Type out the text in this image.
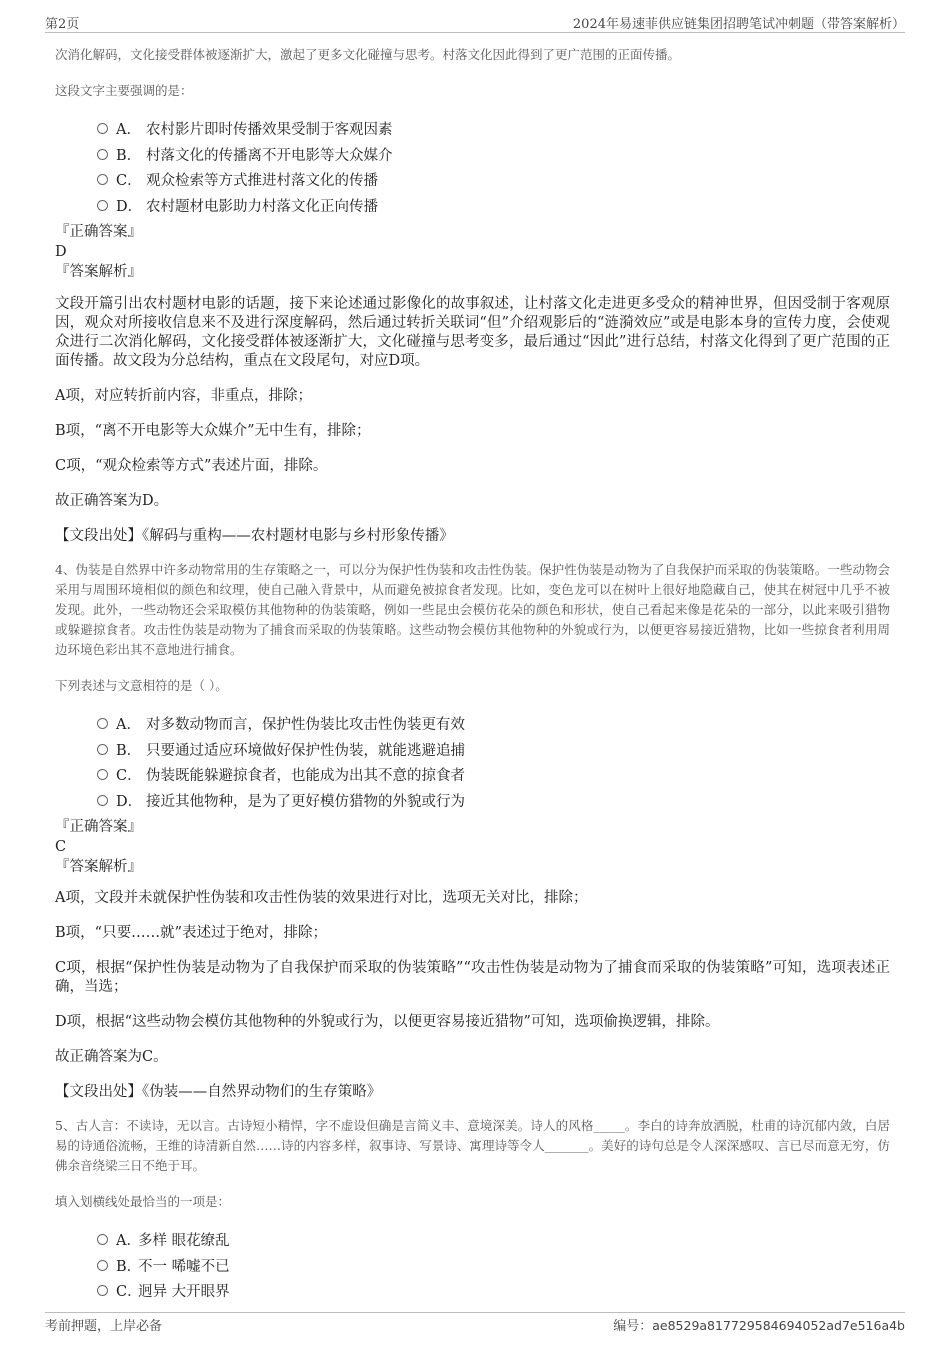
第2页	2024年易速菲供应链集团招聘笔试冲刺题（带答案解析）

次消化解码，文化接受群体被逐渐扩大，激起了更多文化碰撞与思考。村落文化因此得到了更广范围的正面传播。

这段文字主要强调的是：

A． 农村影片即时传播效果受制于客观因素
B． 村落文化的传播离不开电影等大众媒介
C． 观众检索等方式推进村落文化的传播
D． 农村题材电影助力村落文化正向传播

『正确答案』

D

『答案解析』

文段开篇引出农村题材电影的话题，接下来论述通过影像化的故事叙述，让村落文化走进更多受众的精神世界，但因受制于客观原因，观众对所接收信息来不及进行深度解码，然后通过转折关联词“但”介绍观影后的“涟漪效应”或是电影本身的宣传力度，会使观众进行二次消化解码，文化接受群体被逐渐扩大，文化碰撞与思考变多，最后通过“因此”进行总结，村落文化得到了更广范围的正面传播。故文段为分总结构，重点在文段尾句，对应D项。

A项，对应转折前内容，非重点，排除；

B项，“离不开电影等大众媒介”无中生有，排除；

C项，“观众检索等方式”表述片面，排除。

故正确答案为D。

【文段出处】《解码与重构——农村题材电影与乡村形象传播》

4、伪装是自然界中许多动物常用的生存策略之一，可以分为保护性伪装和攻击性伪装。保护性伪装是动物为了自我保护而采取的伪装策略。一些动物会采用与周围环境相似的颜色和纹理，使自己融入背景中，从而避免被掠食者发现。比如，变色龙可以在树叶上很好地隐藏自己，使其在树冠中几乎不被发现。此外，一些动物还会采取模仿其他物种的伪装策略，例如一些昆虫会模仿花朵的颜色和形状，使自己看起来像是花朵的一部分，以此来吸引猎物或躲避掠食者。攻击性伪装是动物为了捕食而采取的伪装策略。这些动物会模仿其他物种的外貌或行为，以便更容易接近猎物，比如一些掠食者利用周边环境色彩出其不意地进行捕食。

下列表述与文意相符的是（ ）。

A． 对多数动物而言，保护性伪装比攻击性伪装更有效
B． 只要通过适应环境做好保护性伪装，就能逃避追捕
C． 伪装既能躲避掠食者，也能成为出其不意的掠食者
D． 接近其他物种，是为了更好模仿猎物的外貌或行为

『正确答案』

C

『答案解析』

A项，文段并未就保护性伪装和攻击性伪装的效果进行对比，选项无关对比，排除；

B项，“只要……就”表述过于绝对，排除；

C项，根据“保护性伪装是动物为了自我保护而采取的伪装策略”“攻击性伪装是动物为了捕食而采取的伪装策略”可知，选项表述正确，当选；

D项，根据“这些动物会模仿其他物种的外貌或行为，以便更容易接近猎物”可知，选项偷换逻辑，排除。

故正确答案为C。

【文段出处】《伪装——自然界动物们的生存策略》

5、古人言：不读诗，无以言。古诗短小精悍，字不虚设但确是言简义丰、意境深美。诗人的风格_____。李白的诗奔放洒脱，杜甫的诗沉郁内敛，白居易的诗通俗流畅，王维的诗清新自然……诗的内容多样，叙事诗、写景诗、寓理诗等令人_______。美好的诗句总是令人深深感叹、言已尽而意无穷，仿佛余音绕梁三日不绝于耳。

填入划横线处最恰当的一项是：

A．
多样 眼花缭乱
B．
不一 唏嘘不已
C．
迥异 大开眼界
考前押题，上岸必备	编号：ae8529a817729584694052ad7e516a4b
